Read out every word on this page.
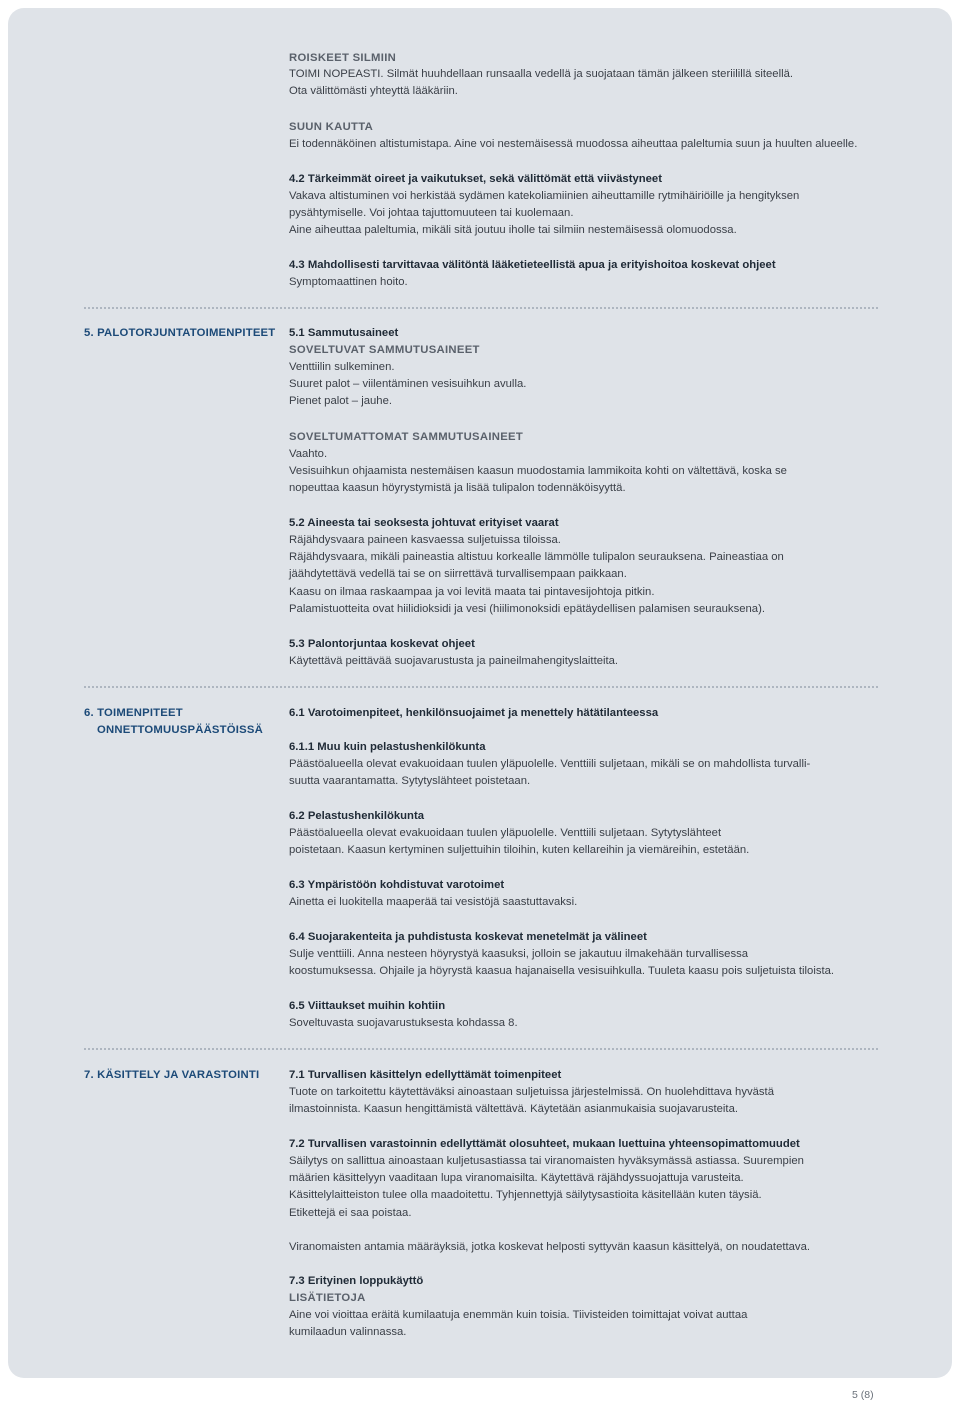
ROISKEET SILMIIN
TOIMI NOPEASTI. Silmät huuhdellaan runsaalla vedellä ja suojataan tämän jälkeen steriilillä siteellä.
Ota välittömästi yhteyttä lääkäriin.
SUUN KAUTTA
Ei todennäköinen altistumistapa. Aine voi nestemäisessä muodossa aiheuttaa paleltumia suun ja huulten alueelle.
4.2 Tärkeimmät oireet ja vaikutukset, sekä välittömät että viivästyneet
Vakava altistuminen voi herkistää sydämen katekoliamiinien aiheuttamille rytmihäiriöille ja hengityksen
pysähtymiselle. Voi johtaa tajuttomuuteen tai kuolemaan.
Aine aiheuttaa paleltumia, mikäli sitä joutuu iholle tai silmiin nestemäisessä olomuodossa.
4.3 Mahdollisesti tarvittavaa välitöntä lääketieteellistä apua ja erityishoitoa koskevat ohjeet
Symptomaattinen hoito.
5. PALOTORJUNTATOIMENPITEET 5.1 Sammutusaineet
SOVELTUVAT SAMMUTUSAINEET
Venttiilin sulkeminen.
Suuret palot – viilentäminen vesisuihkun avulla.
Pienet palot – jauhe.
SOVELTUMATTOMAT SAMMUTUSAINEET
Vaahto.
Vesisuihkun ohjaamista nestemäisen kaasun muodostamia lammikoita kohti on vältettävä, koska se
nopeuttaa kaasun höyrystymistä ja lisää tulipalon todennäköisyyttä.
5.2 Aineesta tai seoksesta johtuvat erityiset vaarat
Räjähdysvaara paineen kasvaessa suljetuissa tiloissa.
Räjähdysvaara, mikäli paineastia altistuu korkealle lämmölle tulipalon seurauksena. Paineastiaa on
jäähdytettävä vedellä tai se on siirrettävä turvallisempaan paikkaan.
Kaasu on ilmaa raskaampaa ja voi levitä maata tai pintavesijohtoja pitkin.
Palamistuotteita ovat hiilidioksidi ja vesi (hiilimonoksidi epätäydellisen palamisen seurauksena).
5.3 Palontorjuntaa koskevat ohjeet
Käytettävä peittävää suojavarustusta ja paineilmahengityslaitteita.
6. TOIMENPITEET
ONNETTOMUUSPÄÄSTÖISSÄ
6.1 Varotoimenpiteet, henkilönsuojaimet ja menettely hätätilanteessa
6.1.1 Muu kuin pelastushenkilökunta
Päästöalueella olevat evakuoidaan tuulen yläpuolelle. Venttiili suljetaan, mikäli se on mahdollista turvalli-
suutta vaarantamatta. Sytytyslähteet poistetaan.
6.2 Pelastushenkilökunta
Päästöalueella olevat evakuoidaan tuulen yläpuolelle. Venttiili suljetaan. Sytytyslähteet
poistetaan. Kaasun kertyminen suljettuihin tiloihin, kuten kellareihin ja viemäreihin, estetään.
6.3 Ympäristöön kohdistuvat varotoimet
Ainetta ei luokitella maaperää tai vesistöjä saastuttavaksi.
6.4 Suojarakenteita ja puhdistusta koskevat menetelmät ja välineet
Sulje venttiili. Anna nesteen höyrystyä kaasuksi, jolloin se jakautuu ilmakehään turvallisessa
koostumuksessa. Ohjaile ja höyrystä kaasua hajanaisella vesisuihkulla. Tuuleta kaasu pois suljetuista tiloista.
6.5 Viittaukset muihin kohtiin
Soveltuvasta suojavarustuksesta kohdassa 8.
7. KÄSITTELY JA VARASTOINTI	7.1 Turvallisen käsittelyn edellyttämät toimenpiteet
Tuote on tarkoitettu käytettäväksi ainoastaan suljetuissa järjestelmissä. On huolehdittava hyvästä
ilmastoinnista. Kaasun hengittämistä vältettävä. Käytetään asianmukaisia suojavarusteita.
7.2 Turvallisen varastoinnin edellyttämät olosuhteet, mukaan luettuina yhteensopimattomuudet
Säilytys on sallittua ainoastaan kuljetusastiassa tai viranomaisten hyväksymässä astiassa. Suurempien
määrien käsittelyyn vaaditaan lupa viranomaisilta. Käytettävä räjähdyssuojattuja varusteita.
Käsittelylaitteiston tulee olla maadoitettu. Tyhjennettyjä säilytysastioita käsitellään kuten täysiä.
Etikettejä ei saa poistaa.
Viranomaisten antamia määräyksiä, jotka koskevat helposti syttyvän kaasun käsittelyä, on noudatettava.
7.3 Erityinen loppukäyttö
LISÄTIETOJA
Aine voi vioittaa eräitä kumilaatuja enemmän kuin toisia. Tiivisteiden toimittajat voivat auttaa
kumilaadun valinnassa.
5 (8)
